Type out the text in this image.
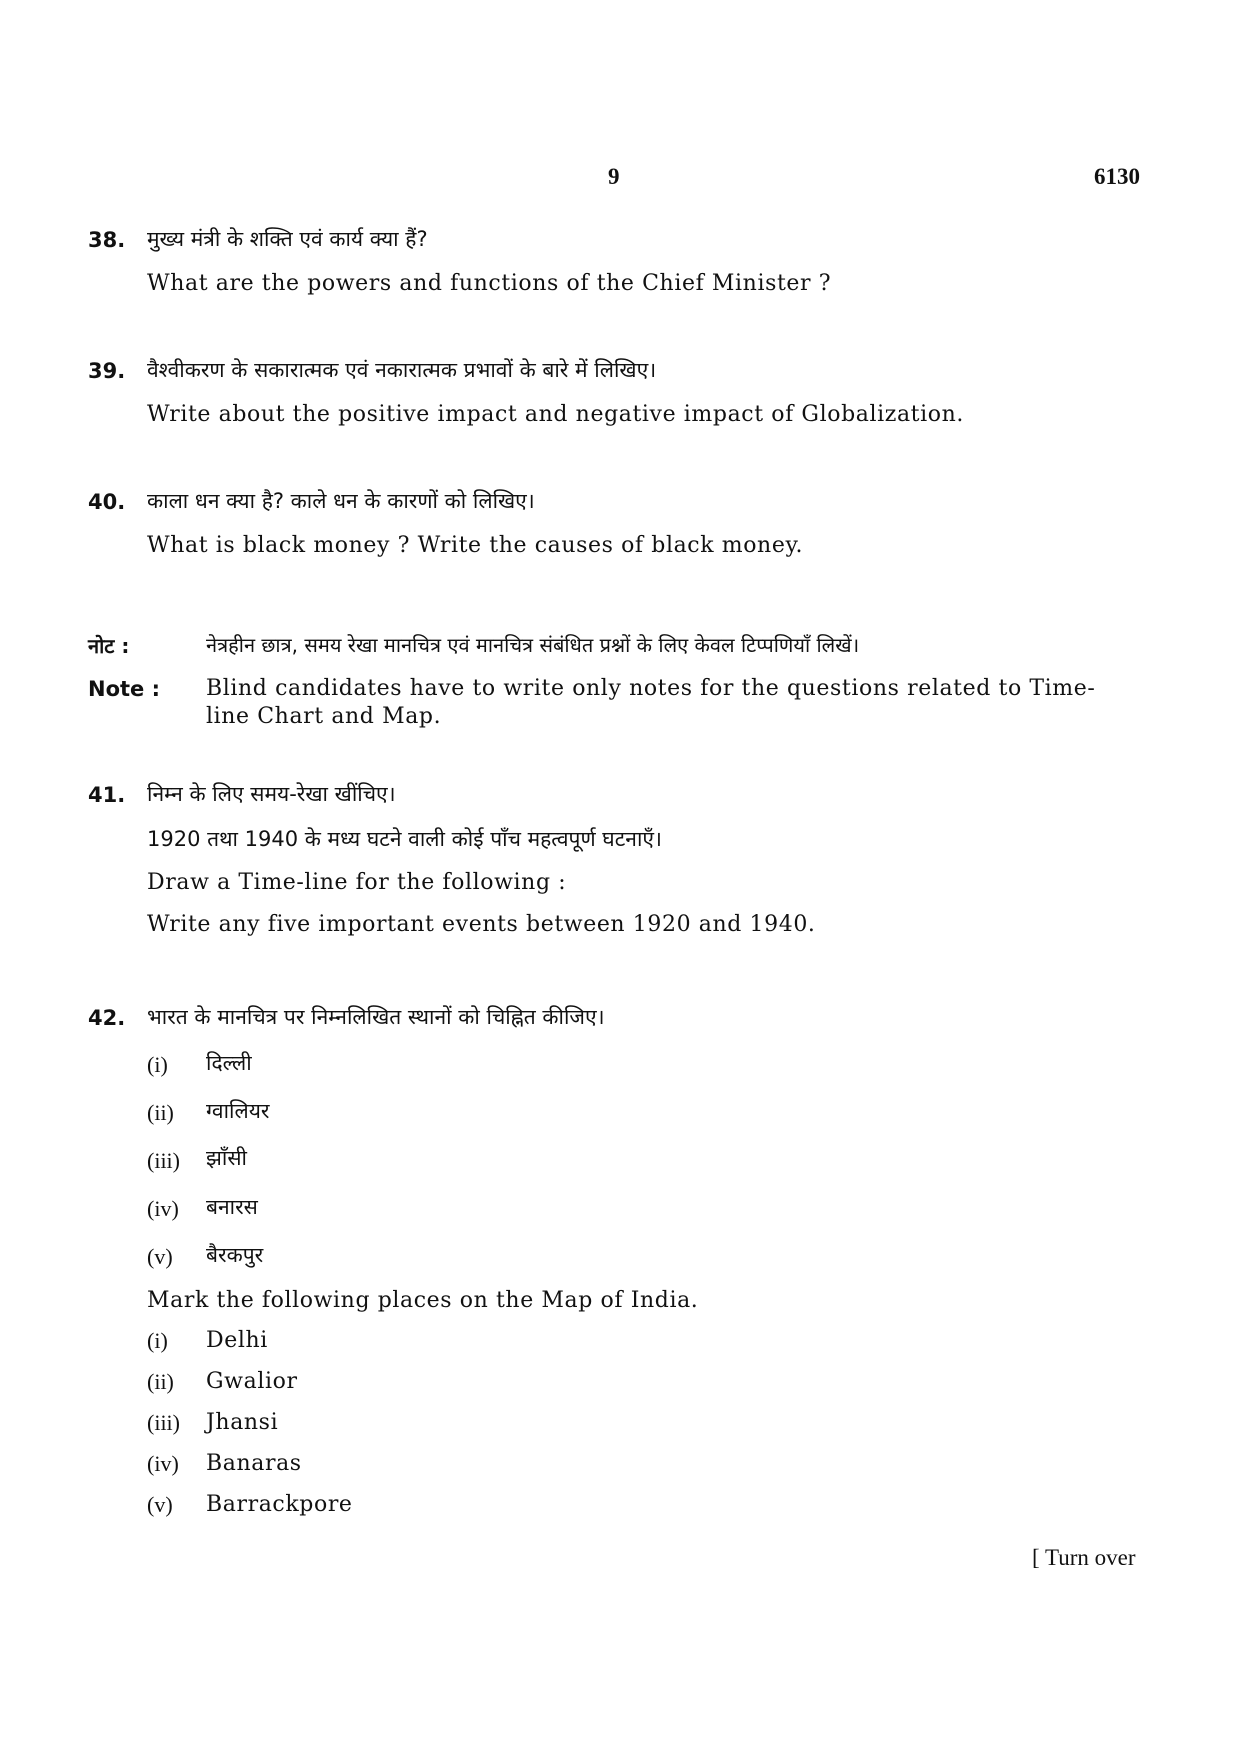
9	6130
38. मुख्य मंत्री के शक्ति एवं कार्य क्या हैं?
What are the powers and functions of the Chief Minister ?
39. वैश्वीकरण के सकारात्मक एवं नकारात्मक प्रभावों के बारे में लिखिए।
Write about the positive impact and negative impact of Globalization.
40. काला धन क्या है? काले धन के कारणों को लिखिए।
What is black money ? Write the causes of black money.
नोट :	नेत्रहीन छात्र, समय रेखा मानचित्र एवं मानचित्र संबंधित प्रश्नों के लिए केवल टिप्पणियाँ लिखें।
Note : Blind candidates have to write only notes for the questions related to Time-line Chart and Map.
41. निम्न के लिए समय-रेखा खींचिए।
1920 तथा 1940 के मध्य घटने वाली कोई पाँच महत्वपूर्ण घटनाएँ।
Draw a Time-line for the following :
Write any five important events between 1920 and 1940.
42. भारत के मानचित्र पर निम्नलिखित स्थानों को चिह्नित कीजिए।
(i) दिल्ली
(ii) ग्वालियर
(iii) झाँसी
(iv) बनारस
(v) बैरकपुर
Mark the following places on the Map of India.
(i) Delhi
(ii) Gwalior
(iii) Jhansi
(iv) Banaras
(v) Barrackpore
[ Turn over
